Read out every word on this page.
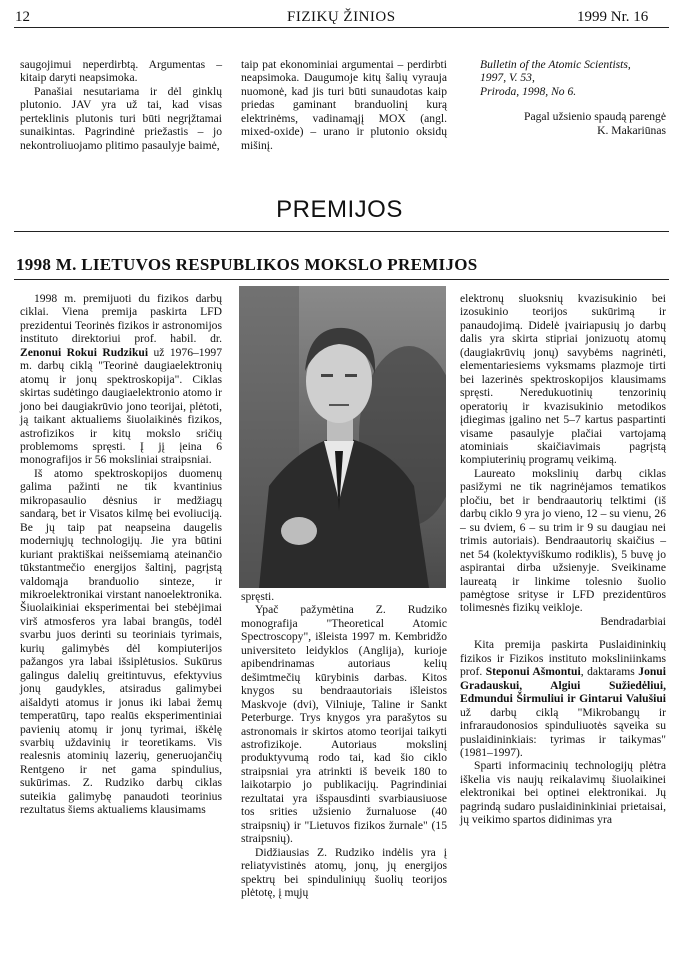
12	FIZIKŲ ŽINIOS	1999 Nr. 16

saugojimui neperdirbtą. Argumentas – kitaip daryti neapsimoka.

Panašiai nesutariama ir dėl ginklų plutonio. JAV yra už tai, kad visas perteklinis plutonis turi būti negrįžtamai sunaikintas. Pagrindinė priežastis – jo nekontroliuojamo plitimo pasaulyje baimė,

taip pat ekonominiai argumentai – perdirbti neapsimoka. Daugumoje kitų šalių vyrauja nuomonė, kad jis turi būti sunaudotas kaip priedas gaminant branduolinį kurą elektrinėms, vadinamąjį MOX (angl. mixed-oxide) – urano ir plutonio oksidų mišinį.

Bulletin of the Atomic Scientists,

1997, V. 53,

Priroda, 1998, No 6.

Pagal užsienio spaudą parengė

K. Makariūnas

PREMIJOS
1998 M. LIETUVOS RESPUBLIKOS MOKSLO PREMIJOS

1998 m. premijuoti du fizikos darbų ciklai. Viena premija paskirta LFD prezidentui Teorinės fizikos ir astronomijos instituto direktoriui prof. habil. dr. Zenonui Rokui Rudzikui už 1976–1997 m. darbų ciklą "Teorinė daugiaelektronių atomų ir jonų spektroskopija". Ciklas skirtas sudėtingo daugiaelektronio atomo ir jono bei daugiakrūvio jono teorijai, plėtoti, ją taikant aktualiems šiuolaikinės fizikos, astrofizikos ir kitų mokslo sričių problemoms spręsti. Į jį įeina 6 monografijos ir 56 moksliniai straipsniai.

Iš atomo spektroskopijos duomenų galima pažinti ne tik kvantinius mikropasaulio dėsnius ir medžiagų sandarą, bet ir Visatos kilmę bei evoliuciją. Be jų taip pat neapseina daugelis moderniųjų technologijų. Jie yra būtini kuriant praktiškai neišsemiamą ateinančio tūkstantmečio energijos šaltinį, pagrįstą valdomąja branduolio sinteze, ir mikroelektronikai virstant nanoelektronika. Šiuolaikiniai eksperimentai bei stebėjimai virš atmosferos yra labai brangūs, todėl svarbu juos derinti su teoriniais tyrimais, kurių galimybės dėl kompiuterijos pažangos yra labai išsiplėtusios. Sukūrus galingus dalelių greitintuvus, efektyvius jonų gaudykles, atsiradus galimybei aišaldyti atomus ir jonus iki labai žemų temperatūrų, tapo realūs eksperimentiniai pavienių atomų ir jonų tyrimai, iškėlę svarbių uždavinių ir teoretikams. Vis realesnis atominių lazerių, generuojančių Rentgeno ir net gama spindulius, sukūrimas. Z. Rudziko darbų ciklas suteikia galimybę panaudoti teorinius rezultatus šiems aktualiems klausimams

spręsti.

Ypač pažymėtina Z. Rudziko monografija "Theoretical Atomic Spectroscopy", išleista 1997 m. Kembridžo universiteto leidyklos (Anglija), kurioje apibendrinamas autoriaus kelių dešimtmečių kūrybinis darbas. Kitos knygos su bendraautoriais išleistos Maskvoje (dvi), Vilniuje, Taline ir Sankt Peterburge. Trys knygos yra parašytos su astronomais ir skirtos atomo teorijai taikyti astrofizikoje. Autoriaus mokslinį produktyvumą rodo tai, kad šio ciklo straipsniai yra atrinkti iš beveik 180 to laikotarpio jo publikacijų. Pagrindiniai rezultatai yra išspausdinti svarbiausiuose tos srities užsienio žurnaluose (40 straipsnių) ir "Lietuvos fizikos žurnale" (15 straipsnių).

Didžiausias Z. Rudziko indėlis yra į reliatyvistinės atomų, jonų, jų energijos spektrų bei spinduliniųų šuolių teorijos plėtotę, į mųjų

elektronų sluoksnių kvazisukinio bei izosukinio teorijos sukūrimą ir panaudojimą. Didelė įvairiapusių jo darbų dalis yra skirta stipriai jonizuotų atomų (daugiakrūvių jonų) savybėms nagrinėti, elementariesiems vyksmams plazmoje tirti bei lazerinės spektroskopijos klausimams spręsti. Neredukuotinių tenzorinių operatorių ir kvazisukinio metodikos įdiegimas įgalino net 5–7 kartus paspartinti visame pasaulyje plačiai vartojamą atominiais skaičiavimais pagrįstą kompiuterinių programų veikimą.

Laureato mokslinių darbų ciklas pasižymi ne tik nagrinėjamos tematikos pločiu, bet ir bendraautorių telktimi (iš darbų ciklo 9 yra jo vieno, 12 – su vienu, 26 – su dviem, 6 – su trim ir 9 su daugiau nei trimis autoriais). Bendraautorių skaičius – net 54 (kolektyviškumo rodiklis), 5 buvę jo aspirantai dirba užsienyje. Sveikiname laureatą ir linkime tolesnio šuolio pamėgtose srityse ir LFD prezidentūros tolimesnės fizikų veikloje.

Bendradarbiai

Kita premija paskirta Puslaidininkių fizikos ir Fizikos instituto moksliniinkams prof. Steponui Ašmontui, daktarams Jonui Gradauskui, Algiui Sužiedėliui, Edmundui Širmuliui ir Gintarui Valušiui už darbų ciklą "Mikrobangų ir infraraudonosios spinduliuotės sąveika su puslaidininkiais: tyrimas ir taikymas" (1981–1997).

Sparti informacinių technologijų plėtra iškelia vis naujų reikalavimų šiuolaikinei elektronikai bei optinei elektronikai. Jų pagrindą sudaro puslaidininkiniai prietaisai, jų veikimo spartos didinimas yra
